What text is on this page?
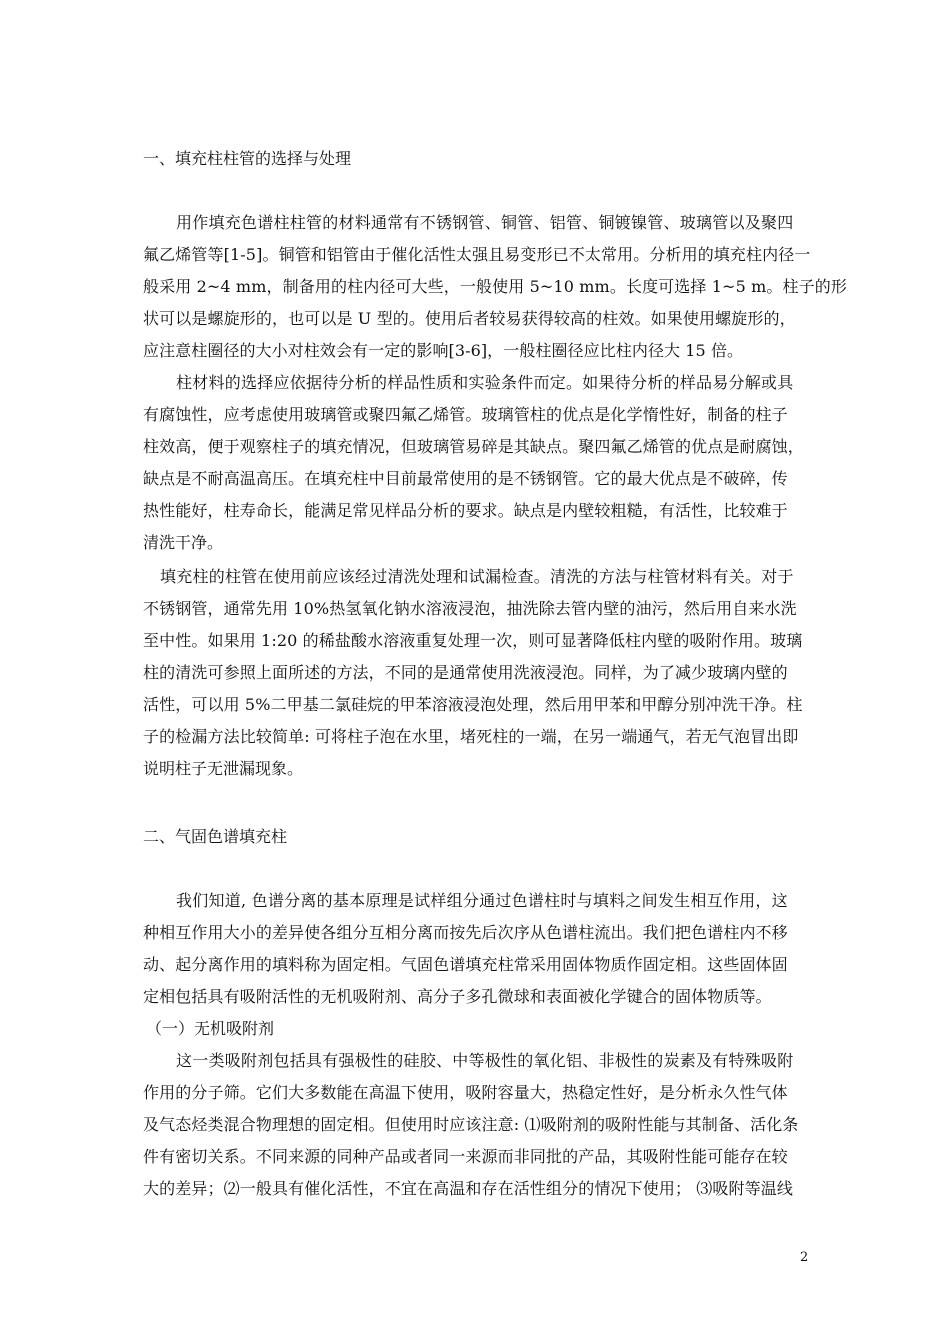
一、填充柱柱管的选择与处理
用作填充色谱柱柱管的材料通常有不锈钢管、铜管、铝管、铜镀镍管、玻璃管以及聚四
氟乙烯管等[1-5]。铜管和铝管由于催化活性太强且易变形已不太常用。分析用的填充柱内径一
般采用 2~4 mm，制备用的柱内径可大些，一般使用 5~10 mm。长度可选择 1~5 m。柱子的形
状可以是螺旋形的，也可以是 U 型的。使用后者较易获得较高的柱效。如果使用螺旋形的，
应注意柱圈径的大小对柱效会有一定的影响[3-6]，一般柱圈径应比柱内径大 15 倍。
柱材料的选择应依据待分析的样品性质和实验条件而定。如果待分析的样品易分解或具
有腐蚀性，应考虑使用玻璃管或聚四氟乙烯管。玻璃管柱的优点是化学惰性好，制备的柱子
柱效高，便于观察柱子的填充情况，但玻璃管易碎是其缺点。聚四氟乙烯管的优点是耐腐蚀，
缺点是不耐高温高压。在填充柱中目前最常使用的是不锈钢管。它的最大优点是不破碎，传
热性能好，柱寿命长，能满足常见样品分析的要求。缺点是内壁较粗糙，有活性，比较难于
清洗干净。
填充柱的柱管在使用前应该经过清洗处理和试漏检查。清洗的方法与柱管材料有关。对于
不锈钢管，通常先用 10%热氢氧化钠水溶液浸泡，抽洗除去管内壁的油污，然后用自来水洗
至中性。如果用 1:20 的稀盐酸水溶液重复处理一次，则可显著降低柱内壁的吸附作用。玻璃
柱的清洗可参照上面所述的方法，不同的是通常使用洗液浸泡。同样，为了减少玻璃内壁的
活性，可以用 5%二甲基二氯硅烷的甲苯溶液浸泡处理，然后用甲苯和甲醇分别冲洗干净。柱
子的检漏方法比较简单: 可将柱子泡在水里，堵死柱的一端，在另一端通气，若无气泡冒出即
说明柱子无泄漏现象。
二、气固色谱填充柱
我们知道, 色谱分离的基本原理是试样组分通过色谱柱时与填料之间发生相互作用，这
种相互作用大小的差异使各组分互相分离而按先后次序从色谱柱流出。我们把色谱柱内不移
动、起分离作用的填料称为固定相。气固色谱填充柱常采用固体物质作固定相。这些固体固
定相包括具有吸附活性的无机吸附剂、高分子多孔微球和表面被化学键合的固体物质等。
（一）无机吸附剂
这一类吸附剂包括具有强极性的硅胶、中等极性的氧化铝、非极性的炭素及有特殊吸附
作用的分子筛。它们大多数能在高温下使用，吸附容量大，热稳定性好，是分析永久性气体
及气态烃类混合物理想的固定相。但使用时应该注意: ⑴吸附剂的吸附性能与其制备、活化条
件有密切关系。不同来源的同种产品或者同一来源而非同批的产品，其吸附性能可能存在较
大的差异；⑵一般具有催化活性，不宜在高温和存在活性组分的情况下使用； ⑶吸附等温线
2
